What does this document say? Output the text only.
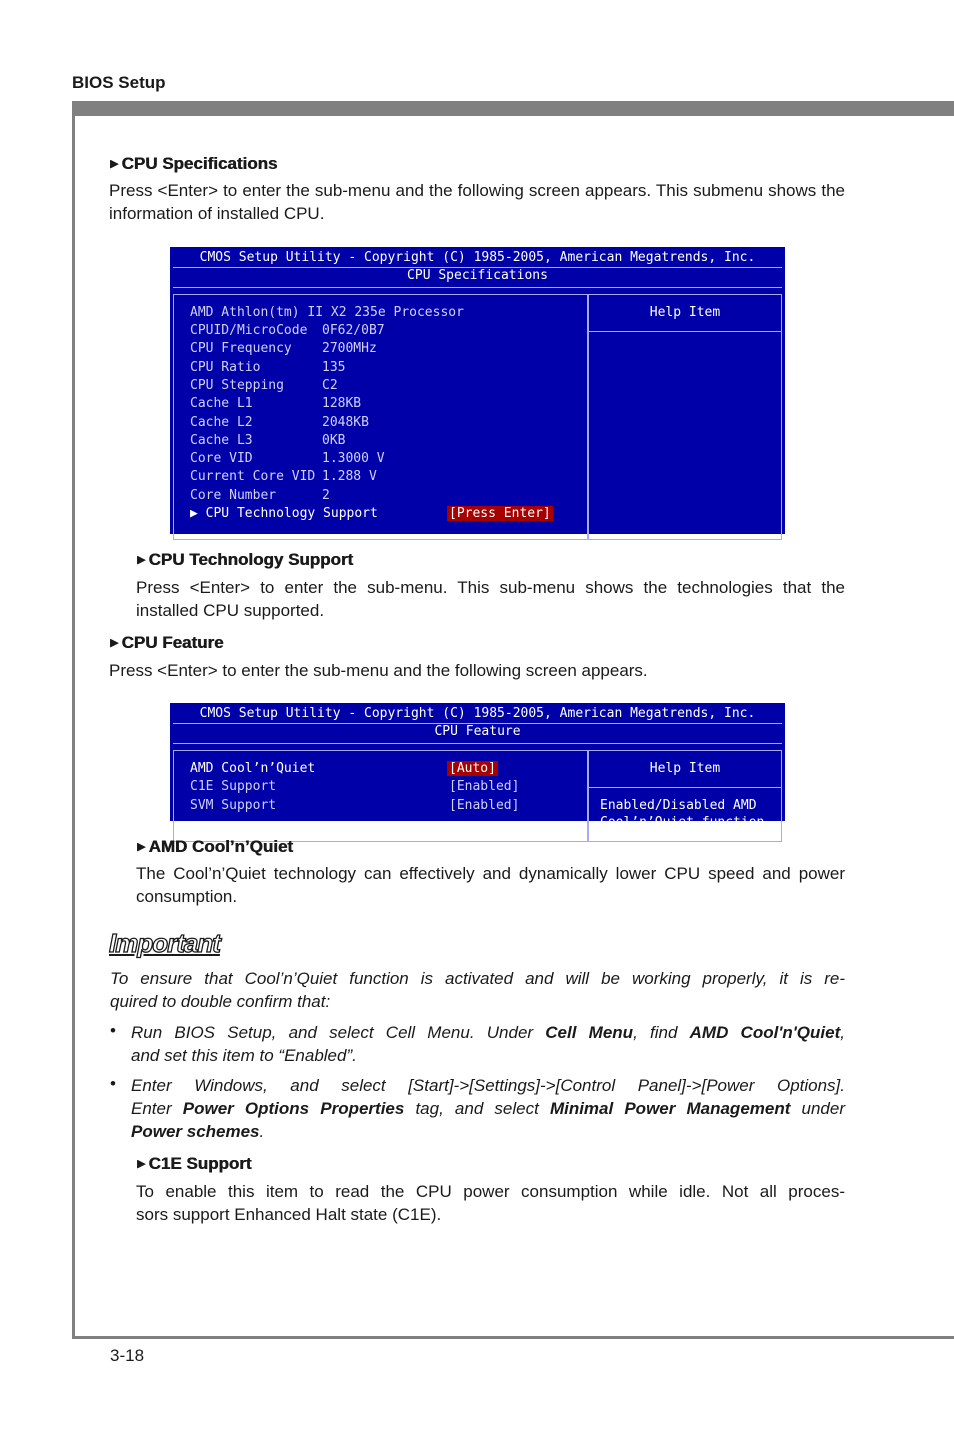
BIOS Setup
3-18
▶ CPU Specifications
Press <Enter> to enter the sub-menu and the following screen appears. This submenu shows the information of installed CPU.
CMOS Setup Utility - Copyright (C) 1985-2005, American Megatrends, Inc.
CPU Specifications
Help Item
AMD Athlon(tm) II X2 235e Processor
CPUID/MicroCode 0F62/0B7
CPU Frequency 2700MHz
CPU Ratio	135
CPU Stepping	C2
Cache L1	128KB
Cache L2	2048KB
Cache L3	0KB
Core VID	1.3000 V
Current Core VID 1.288 V
Core Number	2
▶ CPU Technology Support	[Press Enter]
▶ CPU Technology Support
Press <Enter> to enter the sub-menu. This sub-menu shows the technologies that the installed CPU supported.
▶ CPU Feature
Press <Enter> to enter the sub-menu and the following screen appears.
CMOS Setup Utility - Copyright (C) 1985-2005, American Megatrends, Inc.
CPU Feature
Help Item
Enabled/Disabled AMD
Cool’n’Quiet function
AMD Cool’n’Quiet	[Auto]
C1E Support	[Enabled]
SVM Support	[Enabled]
▶ AMD Cool’n’Quiet
The Cool’n’Quiet technology can effectively and dynamically lower CPU speed and power consumption.
Important
To ensure that Cool’n’Quiet function is activated and will be working properly, it is re-
quired to double confirm that:
• Run BIOS Setup, and select Cell Menu. Under Cell Menu, find AMD Cool'n'Quiet,
and set this item to “Enabled”.
• Enter Windows, and select [Start]->[Settings]->[Control Panel]->[Power Options].
Enter Power Options Properties tag, and select Minimal Power Management under
Power schemes.
▶ C1E Support
To enable this item to read the CPU power consumption while idle. Not all proces-
sors support Enhanced Halt state (C1E).
